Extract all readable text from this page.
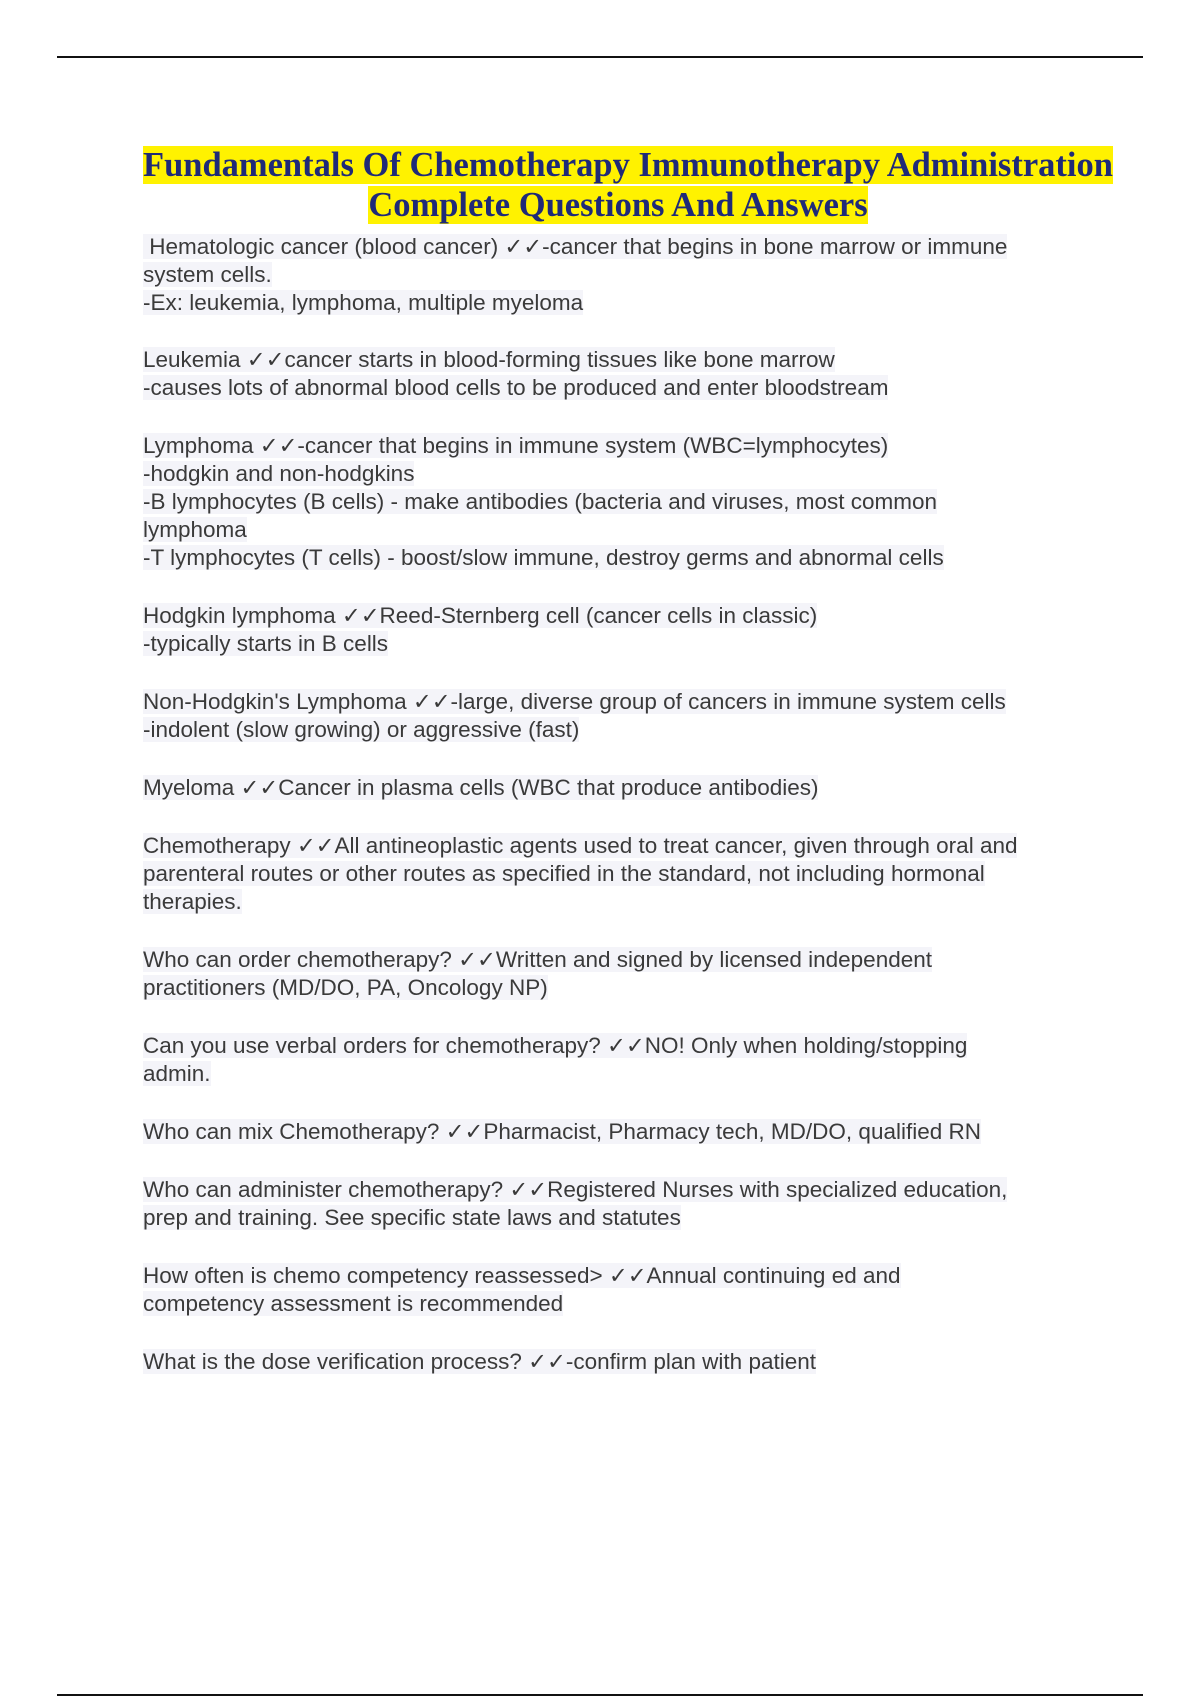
Fundamentals Of Chemotherapy Immunotherapy Administration
Complete Questions And Answers
Hematologic cancer (blood cancer) ✓✓-cancer that begins in bone marrow or immune
system cells.
-Ex: leukemia, lymphoma, multiple myeloma
Leukemia ✓✓cancer starts in blood-forming tissues like bone marrow
-causes lots of abnormal blood cells to be produced and enter bloodstream
Lymphoma ✓✓-cancer that begins in immune system (WBC=lymphocytes)
-hodgkin and non-hodgkins
-B lymphocytes (B cells) - make antibodies (bacteria and viruses, most common
lymphoma
-T lymphocytes (T cells) - boost/slow immune, destroy germs and abnormal cells
Hodgkin lymphoma ✓✓Reed-Sternberg cell (cancer cells in classic)
-typically starts in B cells
Non-Hodgkin's Lymphoma ✓✓-large, diverse group of cancers in immune system cells
-indolent (slow growing) or aggressive (fast)
Myeloma ✓✓Cancer in plasma cells (WBC that produce antibodies)
Chemotherapy ✓✓All antineoplastic agents used to treat cancer, given through oral and
parenteral routes or other routes as specified in the standard, not including hormonal
therapies.
Who can order chemotherapy? ✓✓Written and signed by licensed independent
practitioners (MD/DO, PA, Oncology NP)
Can you use verbal orders for chemotherapy? ✓✓NO! Only when holding/stopping
admin.
Who can mix Chemotherapy? ✓✓Pharmacist, Pharmacy tech, MD/DO, qualified RN
Who can administer chemotherapy? ✓✓Registered Nurses with specialized education,
prep and training. See specific state laws and statutes
How often is chemo competency reassessed> ✓✓Annual continuing ed and
competency assessment is recommended
What is the dose verification process? ✓✓-confirm plan with patient
